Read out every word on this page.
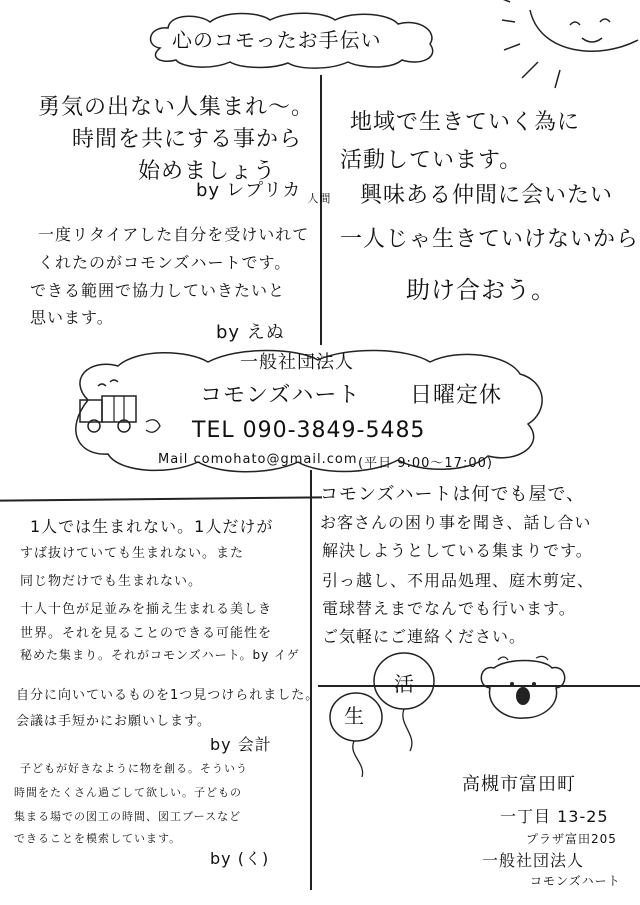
心のコモったお手伝い
勇気の出ない人集まれ〜。
時間を共にする事から
始めましょう
by レプリカ $_{人間}$
一度リタイアした自分を受けいれて
くれたのがコモンズハートです。
できる範囲で協力していきたいと
思います。
by えぬ
地域で生きていく為に
活動しています。
興味ある仲間に会いたい
一人じゃ生きていけないから
助け合おう。
一般社団法人
コモンズハート 日曜定休
TEL 090-3849-5485
Mail comohato@gmail.com (平日 9:00〜17:00)
1人では生まれない。1人だけが
すば抜けていても生まれない。また
同じ物だけでも生まれない。
十人十色が足並みを揃え生まれる美しき
世界。それを見ることのできる可能性を
秘めた集まり。それがコモンズハート。by イゲ
自分に向いているものを1つ見つけられました。
会議は手短かにお願いします。
by 会計
子どもが好きなように物を創る。そういう
時間をたくさん過ごして欲しい。子どもの
集まる場での図工の時間、図工ブースなど
できることを模索しています。
by (く)
コモンズハートは何でも屋で、
お客さんの困り事を聞き、話し合い
解決しようとしている集まりです。
引っ越し、不用品処理、庭木剪定、
電球替えまでなんでも行います。
ご気軽にご連絡ください。
生
活
高槻市富田町
一丁目 13-25
プラザ富田205
一般社団法人
コモンズハート
